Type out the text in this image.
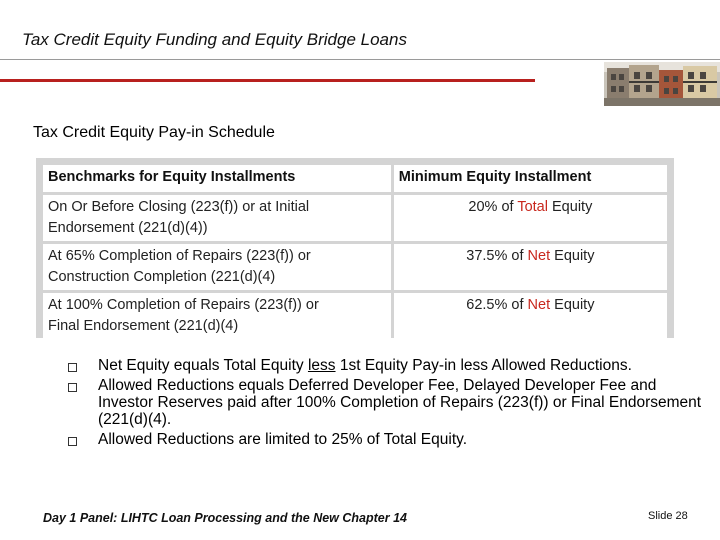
Tax Credit Equity Funding and Equity Bridge Loans
Tax Credit Equity Pay-in Schedule
Benchmarks for Equity Installments	Minimum Equity Installment

On Or Before Closing (223(f)) or at Initial
Endorsement (221(d)(4))	20% of Total Equity

At 65% Completion of Repairs (223(f)) or
Construction Completion (221(d)(4)	37.5% of Net Equity

At 100% Completion of Repairs (223(f)) or
Final Endorsement (221(d)(4)	62.5% of Net Equity
Net Equity equals Total Equity less 1st Equity Pay-in less Allowed Reductions.
Allowed Reductions equals Deferred Developer Fee, Delayed Developer Fee and Investor Reserves paid after 100% Completion of Repairs (223(f)) or Final Endorsement (221(d)(4).
Allowed Reductions are limited to 25% of Total Equity.
Day 1 Panel: LIHTC Loan Processing and the New Chapter 14	Slide 28
